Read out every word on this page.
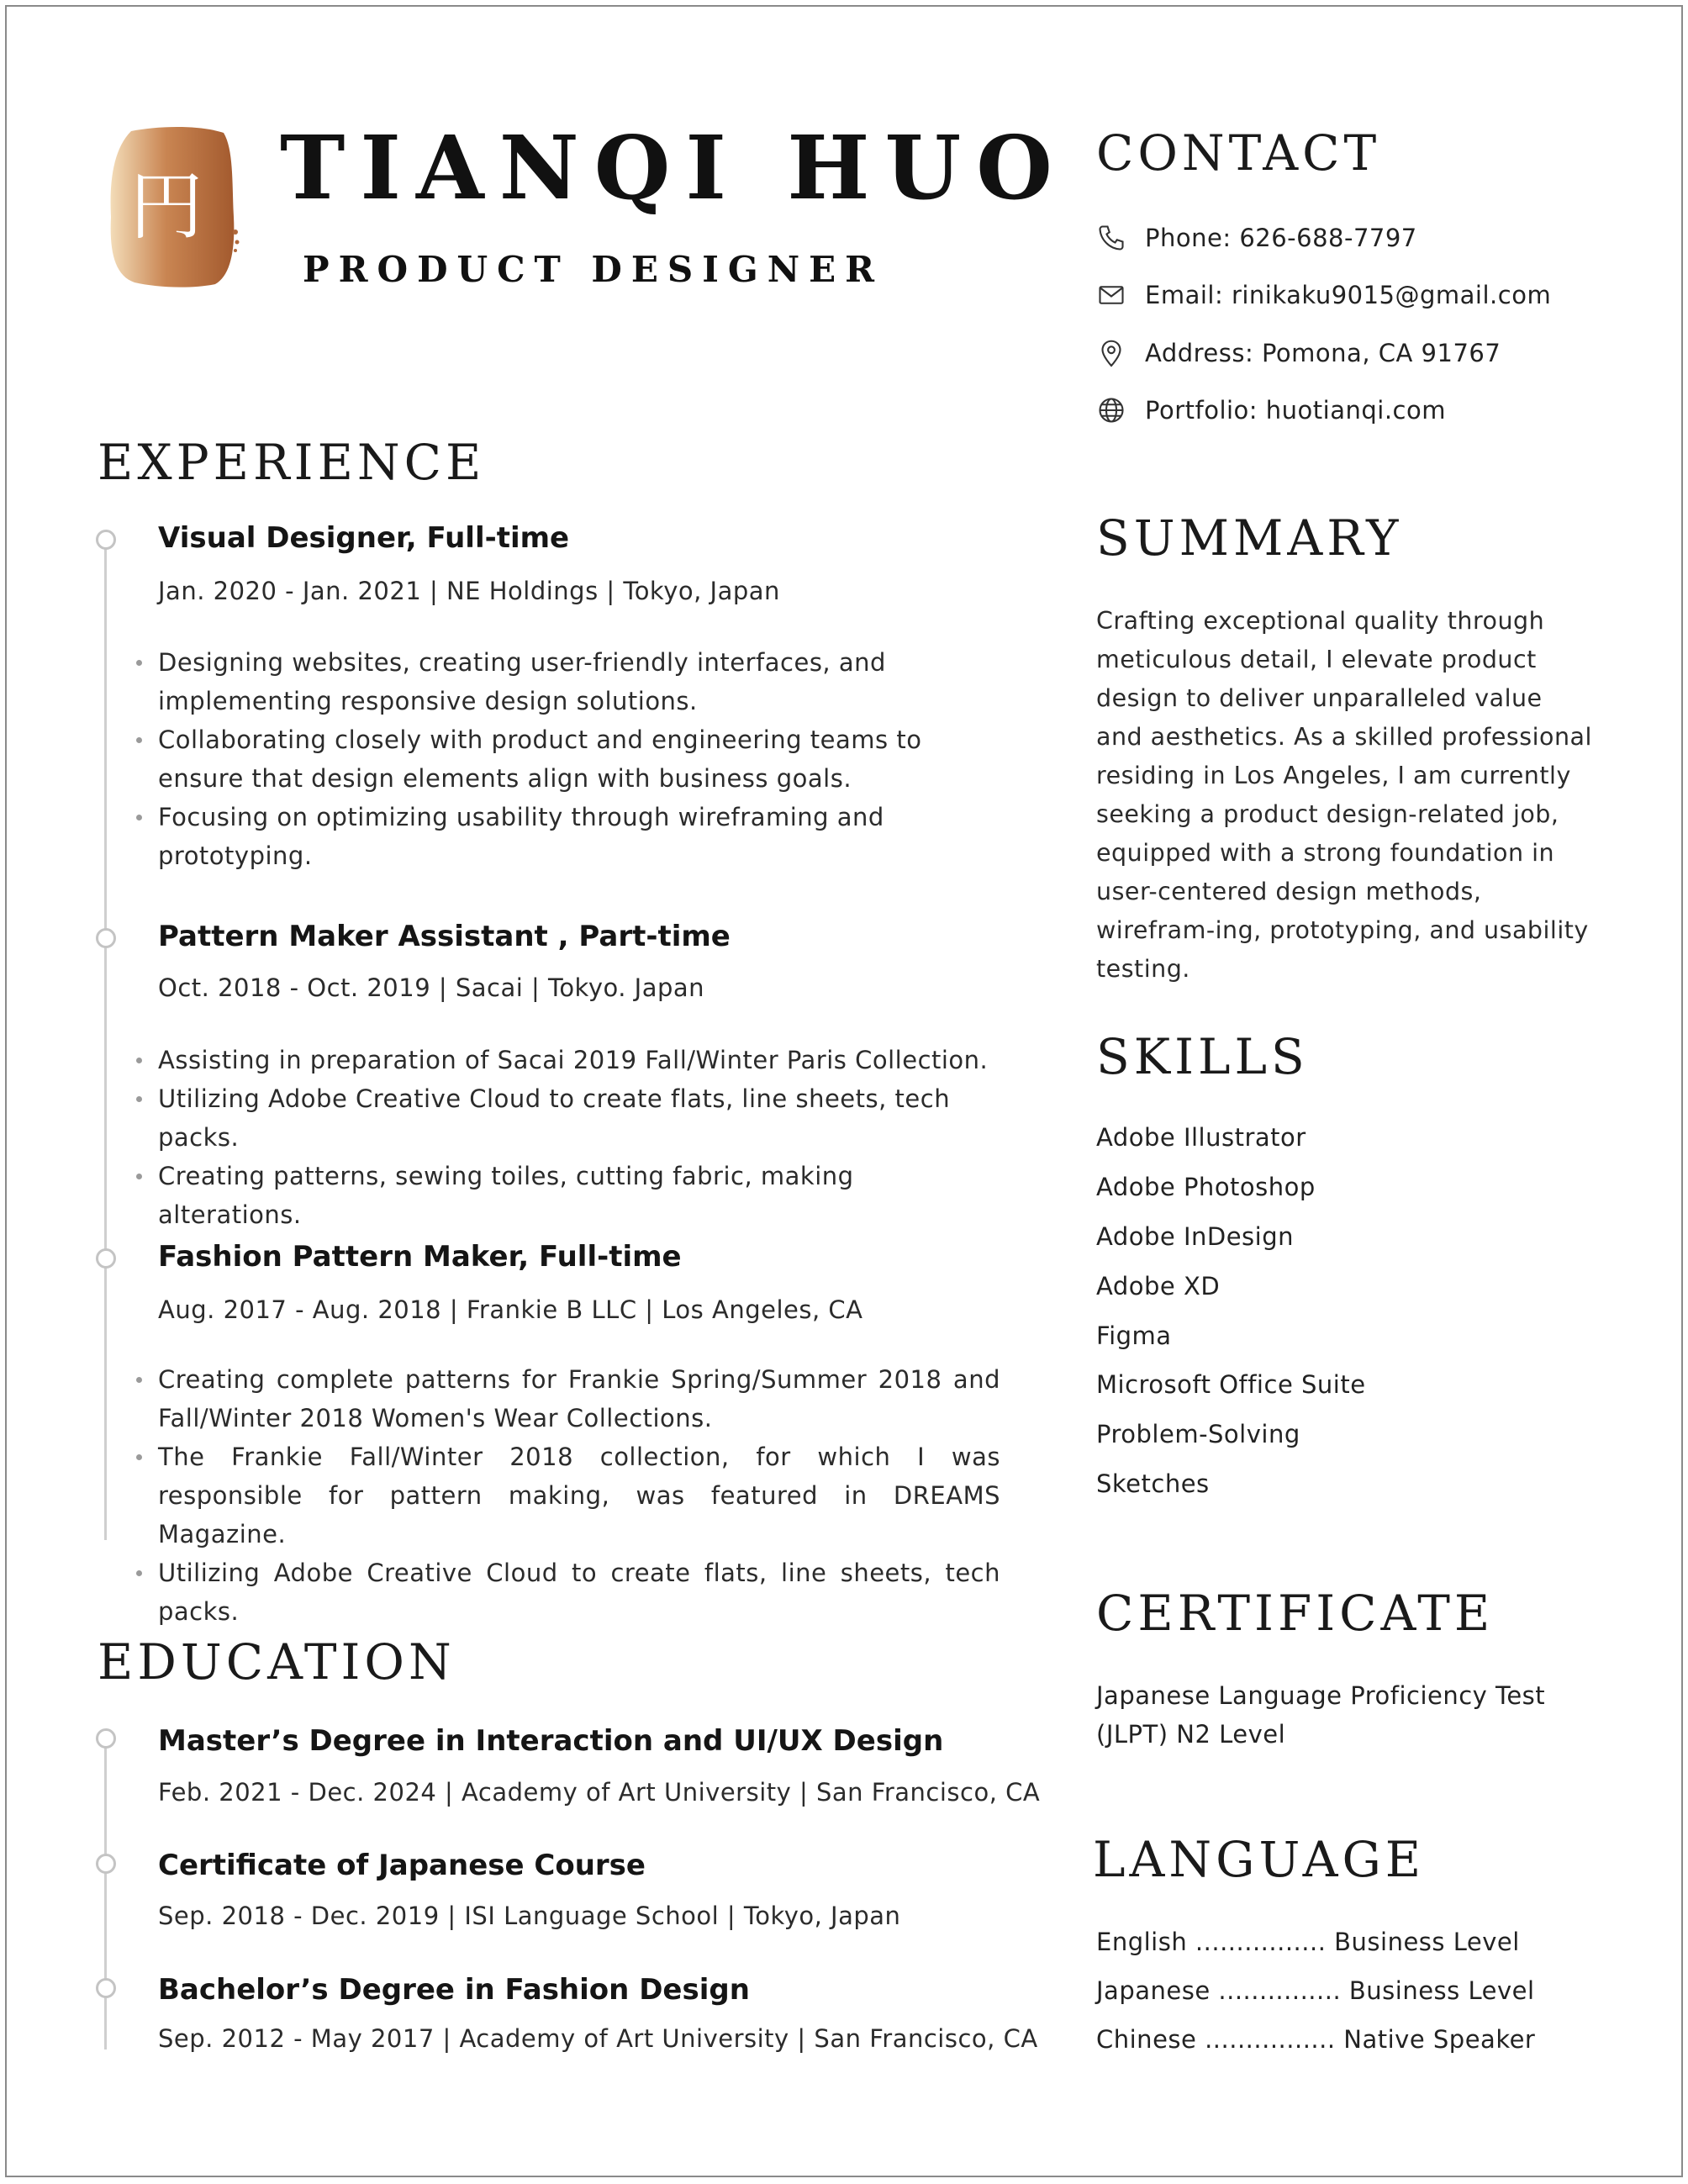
円 TIANQI HUO
PRODUCT DESIGNER
EXPERIENCE
Visual Designer, Full-time
Jan. 2020 - Jan. 2021 | NE Holdings | Tokyo, Japan
Designing websites, creating user-friendly interfaces, and implementing responsive design solutions.
Collaborating closely with product and engineering teams to ensure that design elements align with business goals.
Focusing on optimizing usability through wireframing and prototyping.
Pattern Maker Assistant , Part-time
Oct. 2018 - Oct. 2019 | Sacai | Tokyo. Japan
Assisting in preparation of Sacai 2019 Fall/Winter Paris Collection.
Utilizing Adobe Creative Cloud to create flats, line sheets, tech packs.
Creating patterns, sewing toiles, cutting fabric, making alterations.
Fashion Pattern Maker, Full-time
Aug. 2017 - Aug. 2018 | Frankie B LLC | Los Angeles, CA
Creating complete patterns for Frankie Spring/Summer 2018 and Fall/Winter 2018 Women's Wear Collections.
The Frankie Fall/Winter 2018 collection, for which I was responsible for pattern making, was featured in DREAMS Magazine.
Utilizing Adobe Creative Cloud to create flats, line sheets, tech packs.
EDUCATION
Master’s Degree in Interaction and UI/UX Design
Feb. 2021 - Dec. 2024 | Academy of Art University | San Francisco, CA
Certificate of Japanese Course
Sep. 2018 - Dec. 2019 | ISI Language School | Tokyo, Japan
Bachelor’s Degree in Fashion Design
Sep. 2012 - May 2017 | Academy of Art University | San Francisco, CA
CONTACT
Phone: 626-688-7797
Email: rinikaku9015@gmail.com
Address: Pomona, CA 91767
Portfolio: huotianqi.com
SUMMARY
Crafting exceptional quality through meticulous detail, I elevate product design to deliver unparalleled value and aesthetics. As a skilled professional residing in Los Angeles, I am currently seeking a product design-related job, equipped with a strong foundation in user-centered design methods, wirefram-ing, prototyping, and usability testing.
SKILLS
Adobe Illustrator
Adobe Photoshop
Adobe InDesign
Adobe XD
Figma
Microsoft Office Suite
Problem-Solving
Sketches
CERTIFICATE
Japanese Language Proficiency Test (JLPT) N2 Level
LANGUAGE
English ................ Business Level
Japanese ............... Business Level
Chinese ................ Native Speaker
